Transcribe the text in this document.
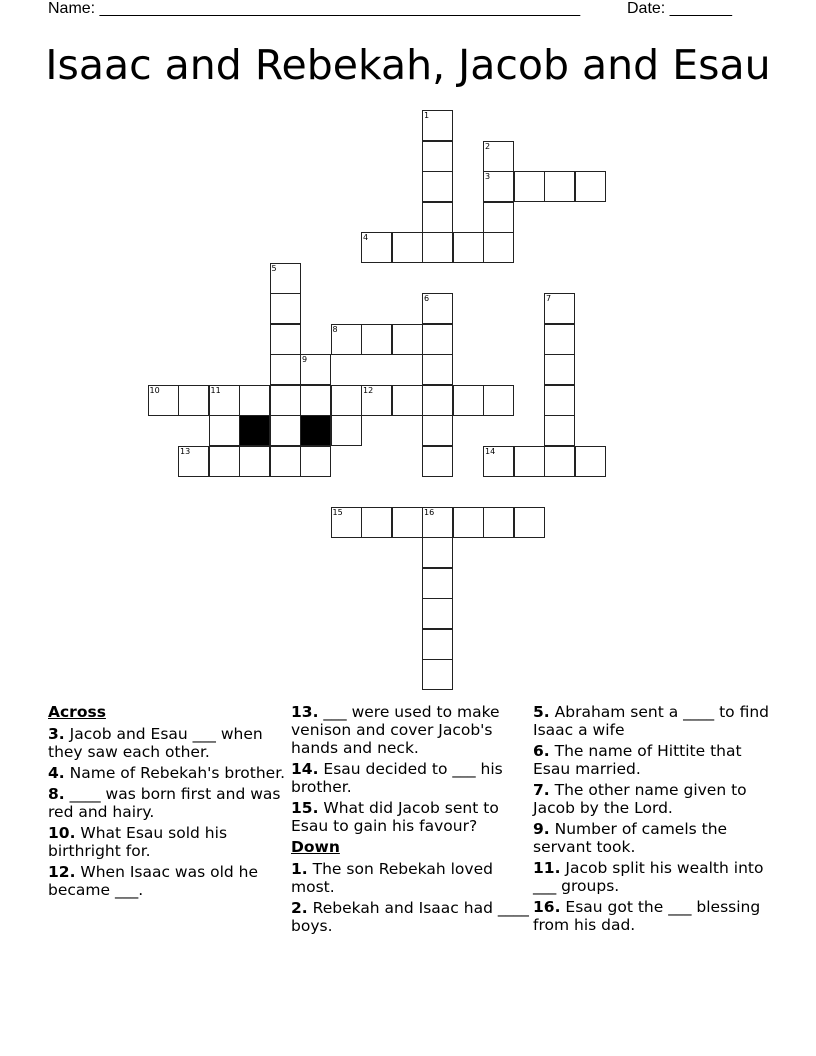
Name: ______________________________________________________	Date: _______
Isaac and Rebekah, Jacob and Esau
1
2
3
4
5
6	7
8
9
10	11	12
13	14
15	16
Across
3. Jacob and Esau ___ when they saw each other.
4. Name of Rebekah's brother.
8. ____ was born first and was red and hairy.
10. What Esau sold his birthright for.
12. When Isaac was old he became ___.
13. ___ were used to make venison and cover Jacob's hands and neck.
14. Esau decided to ___ his brother.
15. What did Jacob sent to Esau to gain his favour?
Down
1. The son Rebekah loved most.
2. Rebekah and Isaac had ____ boys.
5. Abraham sent a ____ to find Isaac a wife
6. The name of Hittite that Esau married.
7. The other name given to Jacob by the Lord.
9. Number of camels the servant took.
11. Jacob split his wealth into ___ groups.
16. Esau got the ___ blessing from his dad.
